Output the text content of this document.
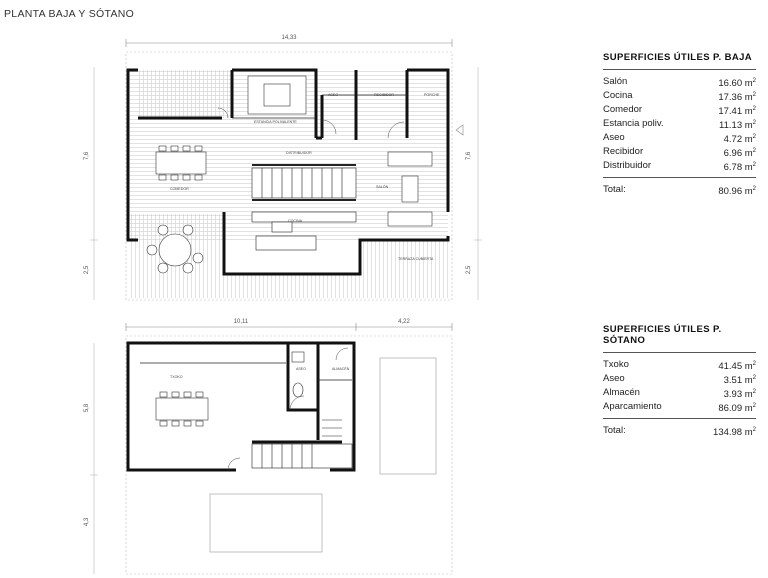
PLANTA BAJA Y SÓTANO
14,33
7,6
2,5
7,6
2,5
ESTANCIA POLIVALENTE
ASEO	RECIBIDOR	PORCHE
DISTRIBUIDOR
COMEDOR	SALÓN
COCINA
TERRAZA CUBIERTA
10,11	4,22
5,8
4,3
TXOKO
ASEO	ALMACÉN
SUPERFICIES ÚTILES P. BAJA
Salón	16.60 $m^2$
Cocina	17.36 $m^2$
Comedor	17.41 $m^2$
Estancia poliv.	11.13 $m^2$
Aseo	4.72 $m^2$
Recibidor	6.96 $m^2$
Distribuidor	6.78 $m^2$
Total:	80.96 $m^2$
SUPERFICIES ÚTILES P. SÓTANO
Txoko	41.45 $m^2$
Aseo	3.51 $m^2$
Almacén	3.93 $m^2$
Aparcamiento	86.09 $m^2$
Total:	134.98 $m^2$
